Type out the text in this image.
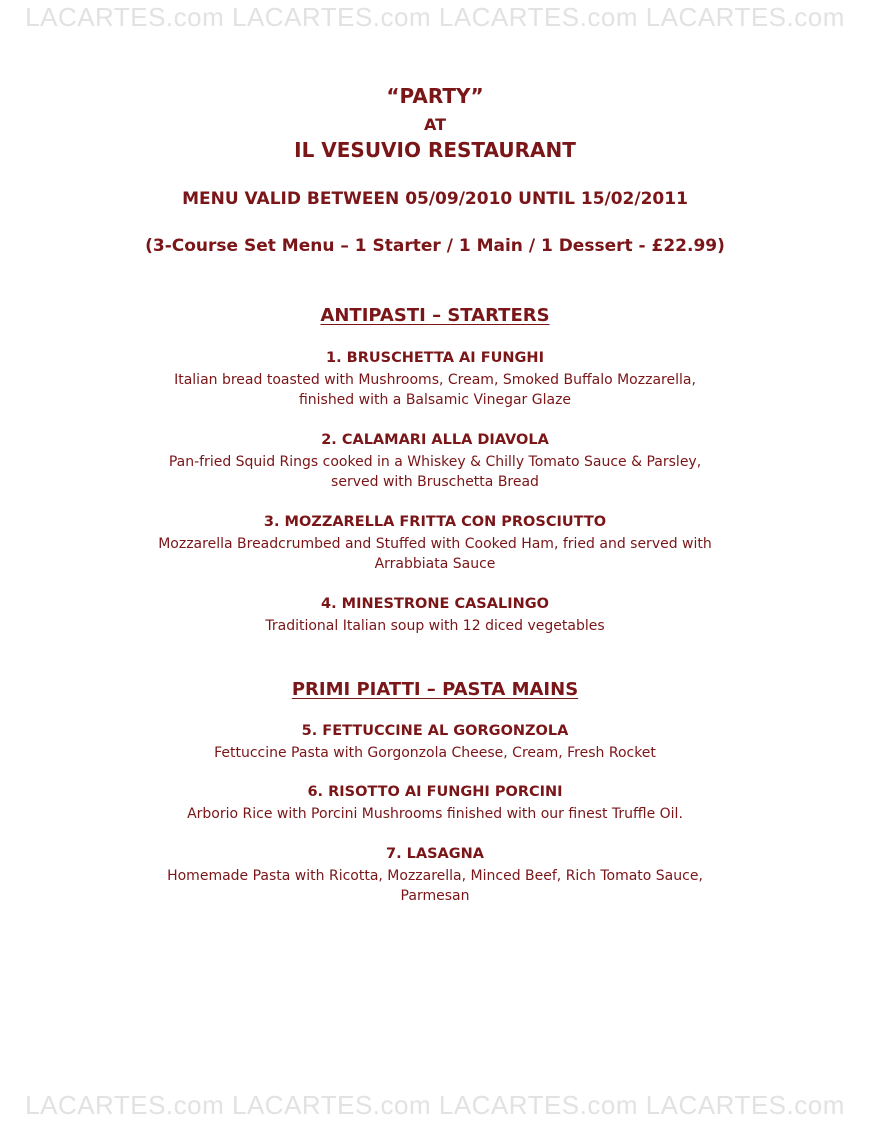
LACARTES.com LACARTES.com LACARTES.com LACARTES.com
“PARTY”
AT
IL VESUVIO RESTAURANT
MENU VALID BETWEEN 05/09/2010 UNTIL 15/02/2011
(3-Course Set Menu – 1 Starter / 1 Main / 1 Dessert - £22.99)
ANTIPASTI – STARTERS
1. BRUSCHETTA AI FUNGHI
Italian bread toasted with Mushrooms, Cream, Smoked Buffalo Mozzarella,
finished with a Balsamic Vinegar Glaze
2. CALAMARI ALLA DIAVOLA
Pan-fried Squid Rings cooked in a Whiskey & Chilly Tomato Sauce & Parsley,
served with Bruschetta Bread
3. MOZZARELLA FRITTA CON PROSCIUTTO
Mozzarella Breadcrumbed and Stuffed with Cooked Ham, fried and served with
Arrabbiata Sauce
4. MINESTRONE CASALINGO
Traditional Italian soup with 12 diced vegetables
PRIMI PIATTI – PASTA MAINS
5. FETTUCCINE AL GORGONZOLA
Fettuccine Pasta with Gorgonzola Cheese, Cream, Fresh Rocket
6. RISOTTO AI FUNGHI PORCINI
Arborio Rice with Porcini Mushrooms finished with our finest Truffle Oil.
7. LASAGNA
Homemade Pasta with Ricotta, Mozzarella, Minced Beef, Rich Tomato Sauce,
Parmesan
LACARTES.com LACARTES.com LACARTES.com LACARTES.com
